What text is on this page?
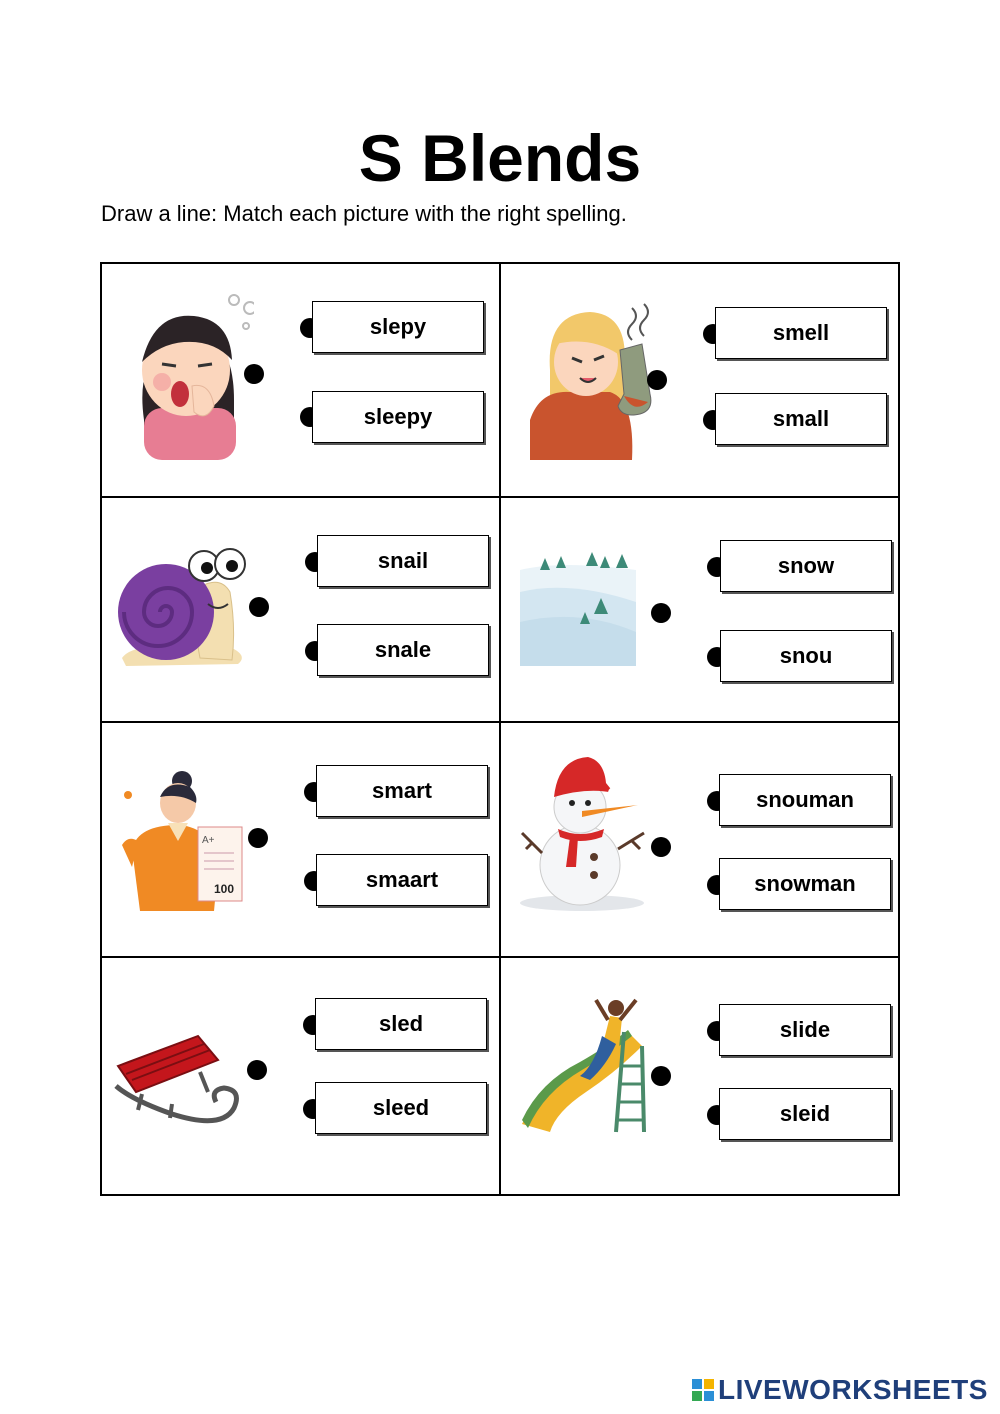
S Blends
Draw a line: Match each picture with the right spelling.
slepy
sleepy
smell
small
snail
snale
snow
snou
A+
100
smart
smaart
snouman
snowman
sled
sleed
slide
sleid
LIVEWORKSHEETS
